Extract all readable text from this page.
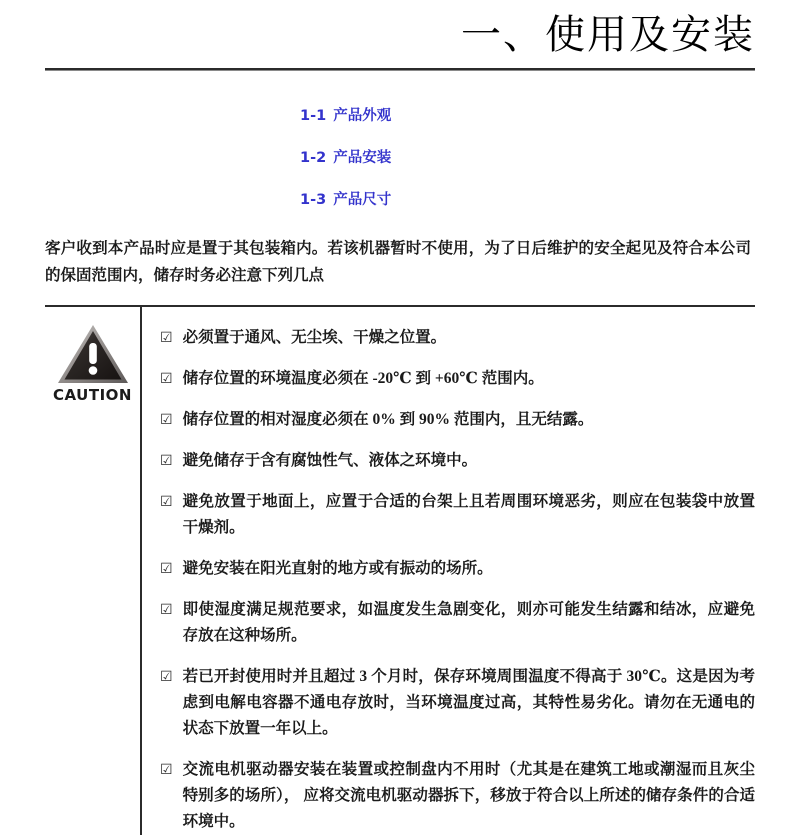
一、使用及安装
1-1 产品外观
1-2 产品安装
1-3 产品尺寸

客户收到本产品时应是置于其包装箱内。若该机器暂时不使用，为了日后维护的安全起见及符合本公司的保固范围内，储存时务必注意下列几点

CAUTION
☑ 必须置于通风、无尘埃、干燥之位置。
☑ 储存位置的环境温度必须在 -20℃ 到 +60℃ 范围内。
☑ 储存位置的相对湿度必须在 0% 到 90% 范围内，且无结露。
☑ 避免储存于含有腐蚀性气、液体之环境中。
☑ 避免放置于地面上，应置于合适的台架上且若周围环境恶劣，则应在包装袋中放置干燥剂。
☑ 避免安装在阳光直射的地方或有振动的场所。
☑ 即使湿度满足规范要求，如温度发生急剧变化，则亦可能发生结露和结冰，应避免存放在这种场所。
☑ 若已开封使用时并且超过 3 个月时，保存环境周围温度不得高于 30℃。这是因为考虑到电解电容器不通电存放时，当环境温度过高，其特性易劣化。请勿在无通电的状态下放置一年以上。
☑ 交流电机驱动器安装在装置或控制盘内不用时（尤其是在建筑工地或潮湿而且灰尘特别多的场所）， 应将交流电机驱动器拆下，移放于符合以上所述的储存条件的合适环境中。
